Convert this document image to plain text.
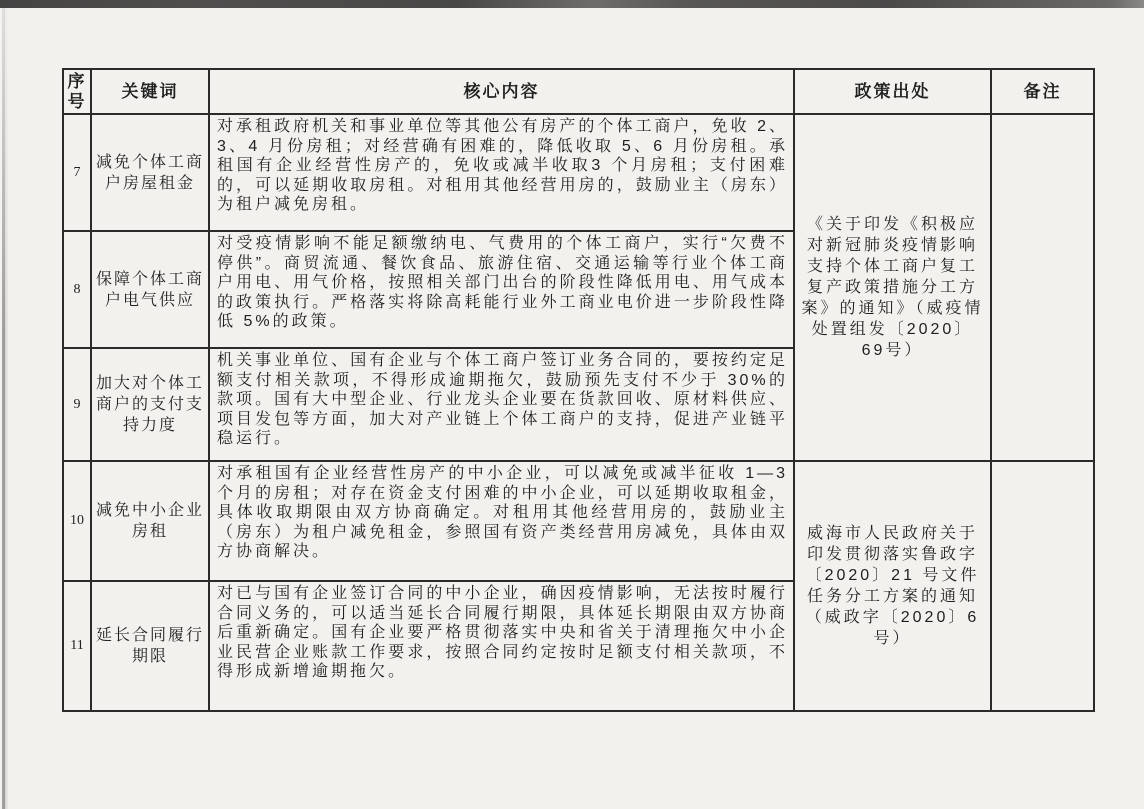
序号	关键词	核心内容	政策出处	备注
7	减免个体工商户房屋租金	对承租政府机关和事业单位等其他公有房产的个体工商户，免收 2、3、4 月份房租；对经营确有困难的，降低收取 5、6 月份房租。承租国有企业经营性房产的，免收或减半收取3 个月房租；支付困难的，可以延期收取房租。对租用其他经营用房的，鼓励业主（房东）为租户减免房租。	《关于印发《积极应对新冠肺炎疫情影响支持个体工商户复工复产政策措施分工方案》的通知》（威疫情处置组发〔2020〕69号）	
8	保障个体工商户电气供应	对受疫情影响不能足额缴纳电、气费用的个体工商户，实行“欠费不停供”。商贸流通、餐饮食品、旅游住宿、交通运输等行业个体工商户用电、用气价格，按照相关部门出台的阶段性降低用电、用气成本的政策执行。严格落实将除高耗能行业外工商业电价进一步阶段性降低 5%的政策。		
9	加大对个体工商户的支付支持力度	机关事业单位、国有企业与个体工商户签订业务合同的，要按约定足额支付相关款项，不得形成逾期拖欠，鼓励预先支付不少于 30%的款项。国有大中型企业、行业龙头企业要在货款回收、原材料供应、项目发包等方面，加大对产业链上个体工商户的支持，促进产业链平稳运行。		
10	减免中小企业房租	对承租国有企业经营性房产的中小企业，可以减免或减半征收 1—3 个月的房租；对存在资金支付困难的中小企业，可以延期收取租金，具体收取期限由双方协商确定。对租用其他经营用房的，鼓励业主（房东）为租户减免租金，参照国有资产类经营用房减免，具体由双方协商解决。	威海市人民政府关于印发贯彻落实鲁政字〔2020〕21 号文件任务分工方案的通知（威政字〔2020〕6号）	
11	延长合同履行期限	对已与国有企业签订合同的中小企业，确因疫情影响，无法按时履行合同义务的，可以适当延长合同履行期限，具体延长期限由双方协商后重新确定。国有企业要严格贯彻落实中央和省关于清理拖欠中小企业民营企业账款工作要求，按照合同约定按时足额支付相关款项，不得形成新增逾期拖欠。		
